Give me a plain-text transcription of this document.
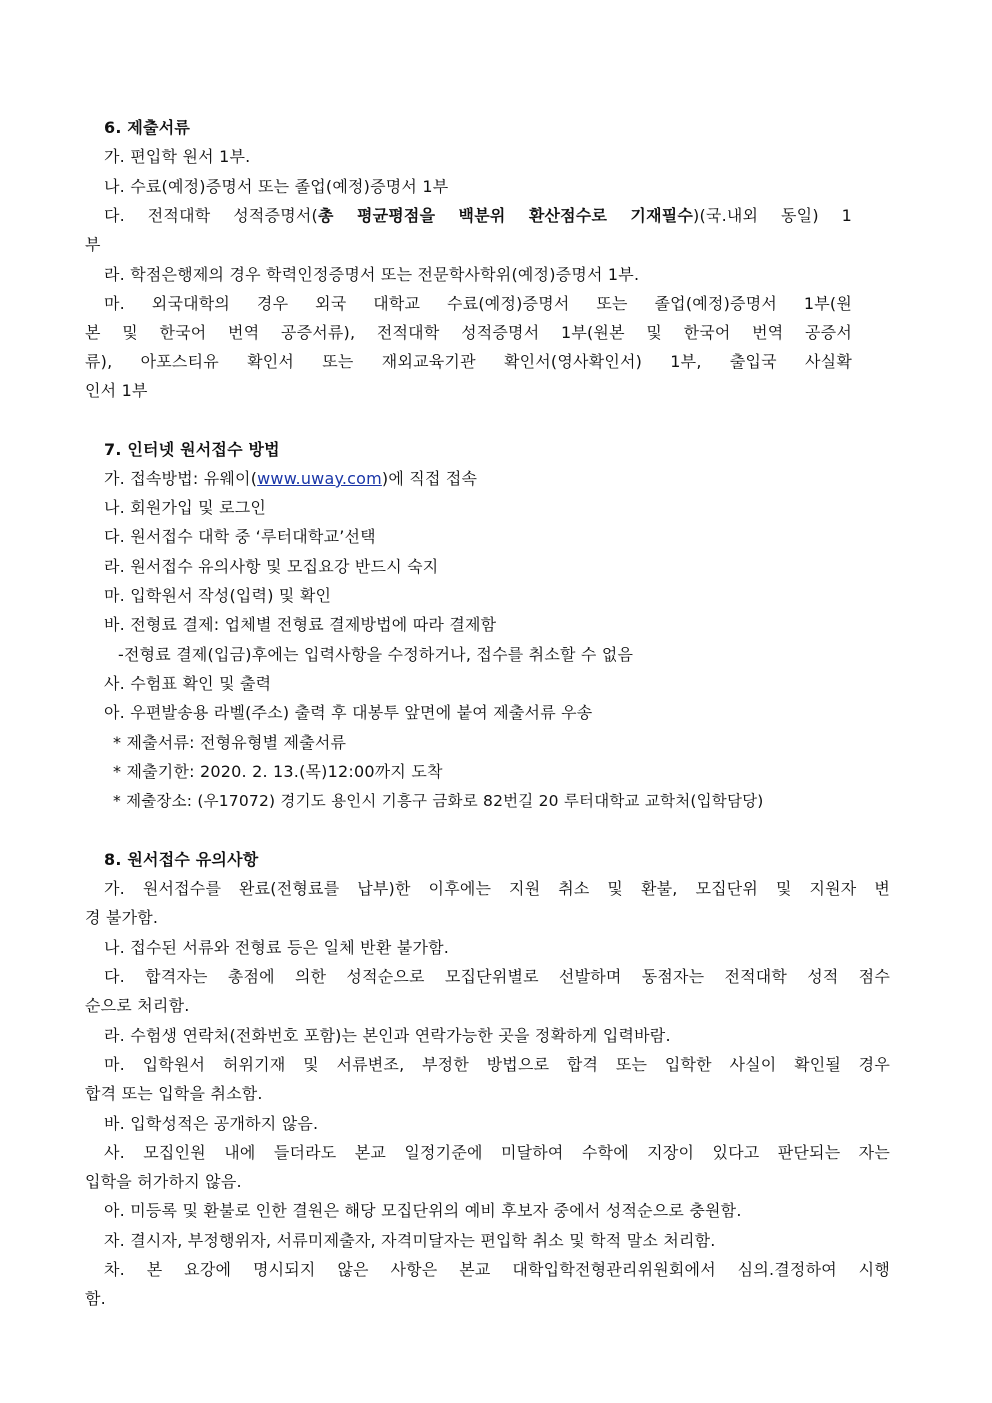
6. 제출서류
가. 편입학 원서 1부.
나. 수료(예정)증명서 또는 졸업(예정)증명서 1부
다. 전적대학 성적증명서(총 평균평점을 백분위 환산점수로 기재필수)(국.내외 동일) 1
부
라. 학점은행제의 경우 학력인정증명서 또는 전문학사학위(예정)증명서 1부.
마. 외국대학의 경우 외국 대학교 수료(예정)증명서 또는 졸업(예정)증명서 1부(원
본 및 한국어 번역 공증서류), 전적대학 성적증명서 1부(원본 및 한국어 번역 공증서
류), 아포스티유 확인서 또는 재외교육기관 확인서(영사확인서) 1부, 출입국 사실확
인서 1부
7. 인터넷 원서접수 방법
가. 접속방법: 유웨이(www.uway.com)에 직접 접속
나. 회원가입 및 로그인
다. 원서접수 대학 중 ‘루터대학교’선택
라. 원서접수 유의사항 및 모집요강 반드시 숙지
마. 입학원서 작성(입력) 및 확인
바. 전형료 결제: 업체별 전형료 결제방법에 따라 결제함
-전형료 결제(입금)후에는 입력사항을 수정하거나, 접수를 취소할 수 없음
사. 수험표 확인 및 출력
아. 우편발송용 라벨(주소) 출력 후 대봉투 앞면에 붙여 제출서류 우송
* 제출서류: 전형유형별 제출서류
* 제출기한: 2020. 2. 13.(목)12:00까지 도착
* 제출장소: (우17072) 경기도 용인시 기흥구 금화로 82번길 20 루터대학교 교학처(입학담당)
8. 원서접수 유의사항
가. 원서접수를 완료(전형료를 납부)한 이후에는 지원 취소 및 환불, 모집단위 및 지원자 변
경 불가함.
나. 접수된 서류와 전형료 등은 일체 반환 불가함.
다. 합격자는 총점에 의한 성적순으로 모집단위별로 선발하며 동점자는 전적대학 성적 점수
순으로 처리함.
라. 수험생 연락처(전화번호 포함)는 본인과 연락가능한 곳을 정확하게 입력바람.
마. 입학원서 허위기재 및 서류변조, 부정한 방법으로 합격 또는 입학한 사실이 확인될 경우
합격 또는 입학을 취소함.
바. 입학성적은 공개하지 않음.
사. 모집인원 내에 들더라도 본교 일정기준에 미달하여 수학에 지장이 있다고 판단되는 자는
입학을 허가하지 않음.
아. 미등록 및 환불로 인한 결원은 해당 모집단위의 예비 후보자 중에서 성적순으로 충원함.
자. 결시자, 부정행위자, 서류미제출자, 자격미달자는 편입학 취소 및 학적 말소 처리함.
차. 본 요강에 명시되지 않은 사항은 본교 대학입학전형관리위원회에서 심의.결정하여 시행
함.
